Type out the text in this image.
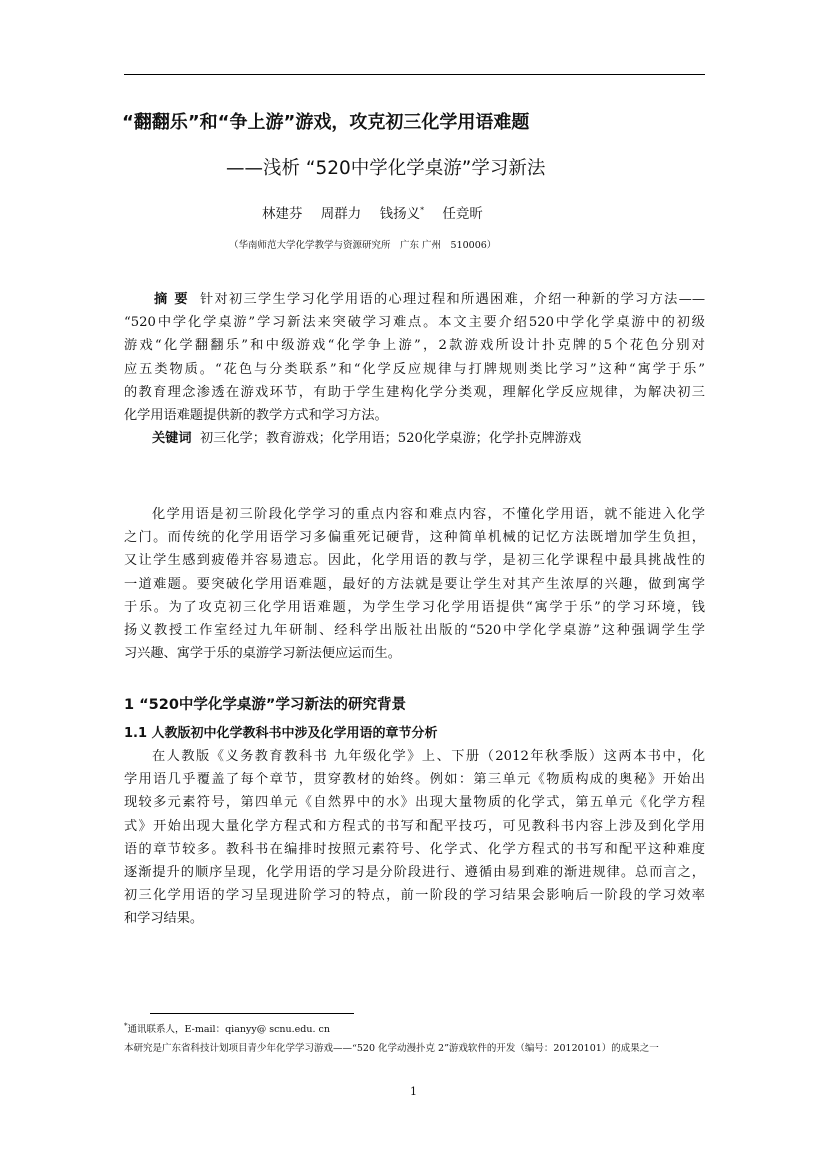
“翻翻乐”和“争上游”游戏，攻克初三化学用语难题
——浅析 “520中学化学桌游”学习新法
林建芬 周群力 钱扬义* 任竞昕
（华南师范大学化学教学与资源研究所　广东 广州　510006）
摘 要 针对初三学生学习化学用语的心理过程和所遇困难，介绍一种新的学习方法——
“520中学化学桌游”学习新法来突破学习难点。本文主要介绍520中学化学桌游中的初级
游戏“化学翻翻乐”和中级游戏“化学争上游”，2款游戏所设计扑克牌的5个花色分别对
应五类物质。“花色与分类联系”和“化学反应规律与打牌规则类比学习”这种“寓学于乐”
的教育理念渗透在游戏环节，有助于学生建构化学分类观，理解化学反应规律，为解决初三
化学用语难题提供新的教学方式和学习方法。
关键词 初三化学；教育游戏；化学用语；520化学桌游；化学扑克牌游戏
化学用语是初三阶段化学学习的重点内容和难点内容，不懂化学用语，就不能进入化学
之门。而传统的化学用语学习多偏重死记硬背，这种简单机械的记忆方法既增加学生负担，
又让学生感到疲倦并容易遗忘。因此，化学用语的教与学，是初三化学课程中最具挑战性的
一道难题。要突破化学用语难题，最好的方法就是要让学生对其产生浓厚的兴趣，做到寓学
于乐。为了攻克初三化学用语难题，为学生学习化学用语提供“寓学于乐”的学习环境，钱
扬义教授工作室经过九年研制、经科学出版社出版的“520中学化学桌游”这种强调学生学
习兴趣、寓学于乐的桌游学习新法便应运而生。
1 “520中学化学桌游”学习新法的研究背景
1.1 人教版初中化学教科书中涉及化学用语的章节分析
在人教版《义务教育教科书 九年级化学》上、下册（2012年秋季版）这两本书中，化
学用语几乎覆盖了每个章节，贯穿教材的始终。例如：第三单元《物质构成的奥秘》开始出
现较多元素符号，第四单元《自然界中的水》出现大量物质的化学式，第五单元《化学方程
式》开始出现大量化学方程式和方程式的书写和配平技巧，可见教科书内容上涉及到化学用
语的章节较多。教科书在编排时按照元素符号、化学式、化学方程式的书写和配平这种难度
逐渐提升的顺序呈现，化学用语的学习是分阶段进行、遵循由易到难的渐进规律。总而言之，
初三化学用语的学习呈现进阶学习的特点，前一阶段的学习结果会影响后一阶段的学习效率
和学习结果。
*通讯联系人，E-mail：qianyy@ scnu.edu. cn
本研究是广东省科技计划项目青少年化学学习游戏——“520 化学动漫扑克 2”游戏软件的开发（编号：20120101）的成果之一
1
